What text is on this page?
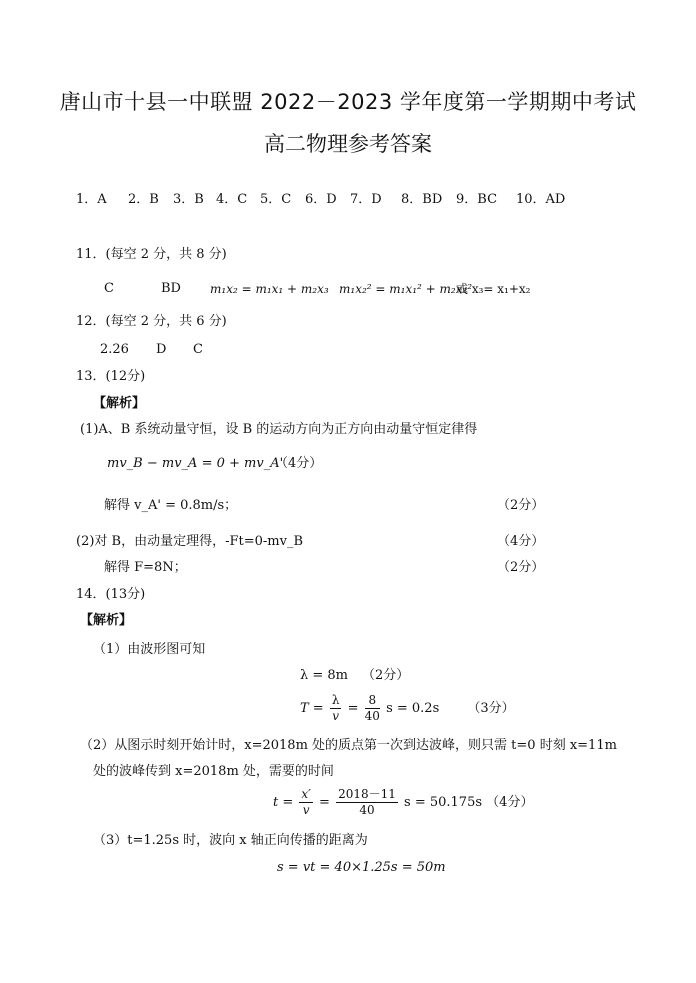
唐山市十县一中联盟 2022－2023 学年度第一学期期中考试
高二物理参考答案
1．A 2．B 3．B 4．C 5．C 6．D 7．D 8．BD 9．BC 10．AD
11．(每空 2 分，共 8 分)
C	BD m₁x₂ = m₁x₁ + m₂x₃ m₁x₂² = m₁x₁² + m₂x₃²
或 x₃= x₁+x₂
12．(每空 2 分，共 6 分)
2.26 D C
13．(12分)
【解析】
(1)A、B 系统动量守恒，设 B 的运动方向为正方向由动量守恒定律得
mv_B − mv_A = 0 + mv_A'
（4分）
解得 v_A' = 0.8m/s；	（2分）
(2)对 B，由动量定理得，-Ft=0-mv_B	（4分）
解得 F=8N；	（2分）
14．(13分)
【解析】
（1）由波形图可知
λ = 8m （2分）
$T = \frac{\lambda}{v} = \frac{8}{40}$ s = 0.2s （3分）
（2）从图示时刻开始计时，x=2018m 处的质点第一次到达波峰，则只需 t=0 时刻 x=11m
处的波峰传到 x=2018m 处，需要的时间
$t = \frac{x'}{v} = \frac{2018-11}{40}$ s = 50.175s （4分）
（3）t=1.25s 时，波向 x 轴正向传播的距离为
s = vt = 40×1.25s = 50m
